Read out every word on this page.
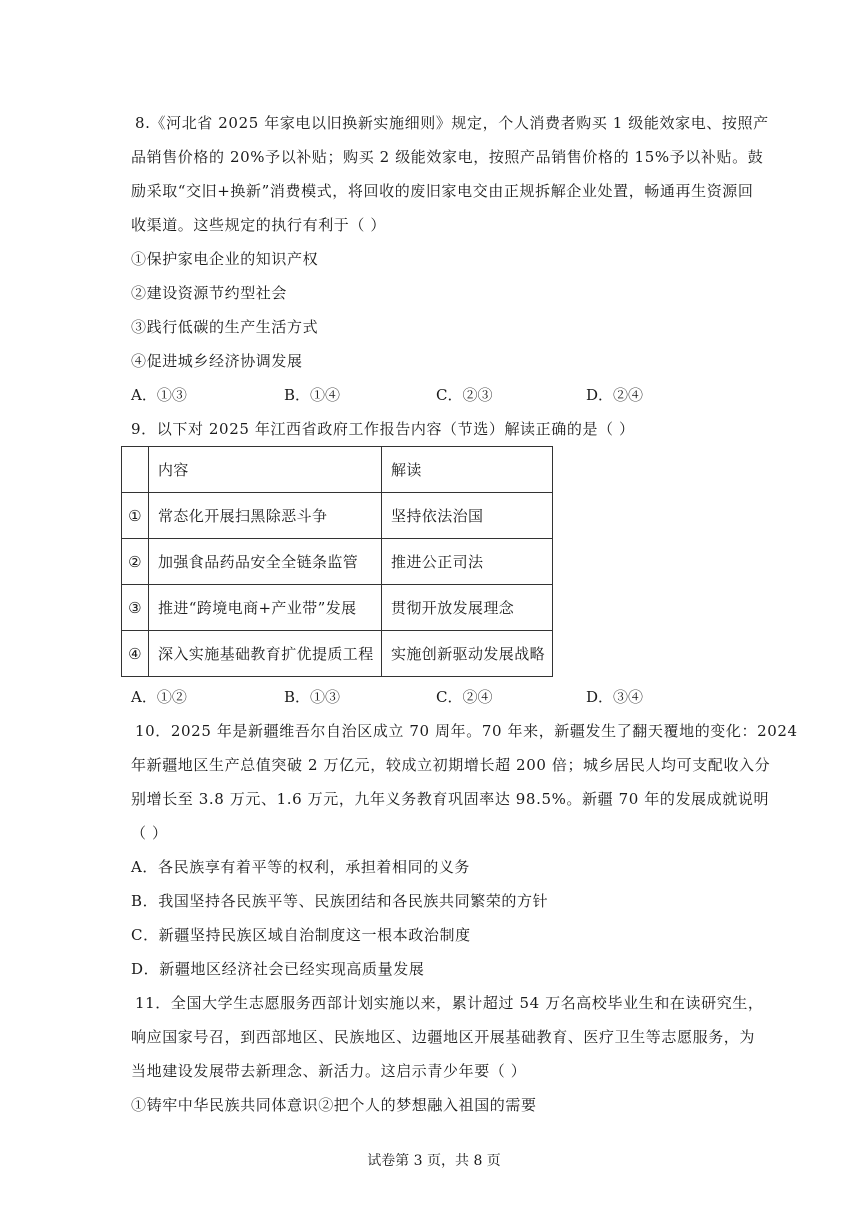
8.《河北省 2025 年家电以旧换新实施细则》规定，个人消费者购买 1 级能效家电、按照产
品销售价格的 20%予以补贴；购买 2 级能效家电，按照产品销售价格的 15%予以补贴。鼓
励采取“交旧+换新”消费模式，将回收的废旧家电交由正规拆解企业处置，畅通再生资源回
收渠道。这些规定的执行有利于（ ）
①保护家电企业的知识产权
②建设资源节约型社会
③践行低碳的生产生活方式
④促进城乡经济协调发展
A．①③	B．①④	C．②③	D．②④
9．以下对 2025 年江西省政府工作报告内容（节选）解读正确的是（ ）
	内容	解读
①	常态化开展扫黑除恶斗争	坚持依法治国
②	加强食品药品安全全链条监管	推进公正司法
③	推进“跨境电商+产业带”发展	贯彻开放发展理念
④	深入实施基础教育扩优提质工程	实施创新驱动发展战略
A．①②	B．①③	C．②④	D．③④
10．2025 年是新疆维吾尔自治区成立 70 周年。70 年来，新疆发生了翻天覆地的变化：2024
年新疆地区生产总值突破 2 万亿元，较成立初期增长超 200 倍；城乡居民人均可支配收入分
别增长至 3.8 万元、1.6 万元，九年义务教育巩固率达 98.5%。新疆 70 年的发展成就说明
（ ）
A．各民族享有着平等的权利，承担着相同的义务
B．我国坚持各民族平等、民族团结和各民族共同繁荣的方针
C．新疆坚持民族区域自治制度这一根本政治制度
D．新疆地区经济社会已经实现高质量发展
11．全国大学生志愿服务西部计划实施以来，累计超过 54 万名高校毕业生和在读研究生，
响应国家号召，到西部地区、民族地区、边疆地区开展基础教育、医疗卫生等志愿服务，为
当地建设发展带去新理念、新活力。这启示青少年要（ ）
①铸牢中华民族共同体意识②把个人的梦想融入祖国的需要
试卷第 3 页，共 8 页
